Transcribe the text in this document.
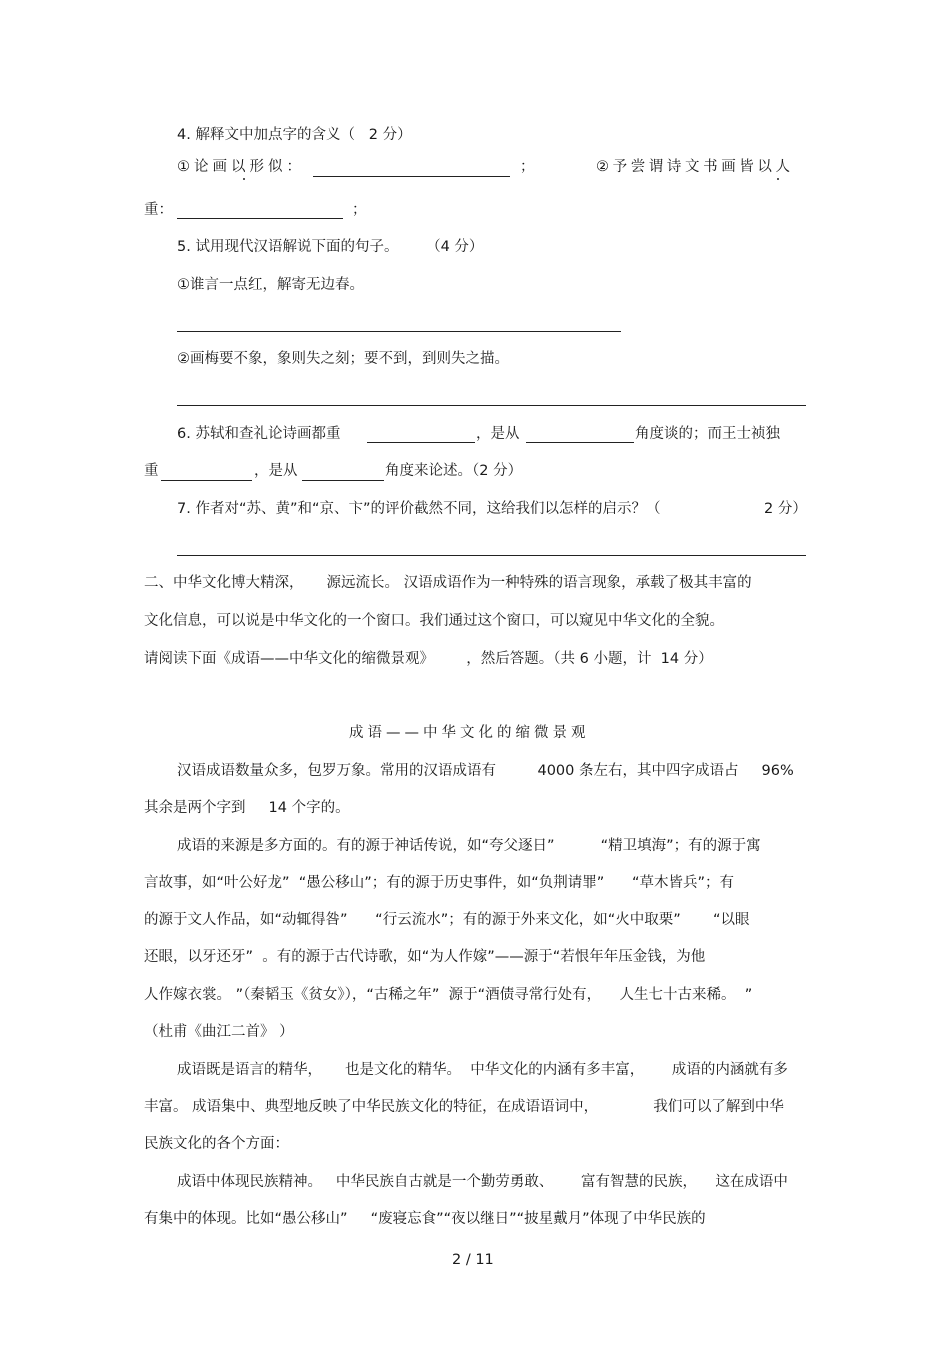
4. 解释文中加点字的含义（   2 分）
①论画以形似：	；	②予尝谓诗文书画皆以人
重：	；
5. 试用现代汉语解说下面的句子。      （4 分）
①谁言一点红，解寄无边春。
②画梅要不象，象则失之刻；要不到，到则失之描。
6. 苏轼和查礼论诗画都重	，是从	角度谈的；而王士祯独
重	，是从	角度来论述。（2 分）
7. 作者对“苏、黄”和“京、卞”的评价截然不同，这给我们以怎样的启示？（	2 分）
二、中华文化博大精深，     源远流长。 汉语成语作为一种特殊的语言现象，承载了极其丰富的
文化信息，可以说是中华文化的一个窗口。我们通过这个窗口，可以窥见中华文化的全貌。
请阅读下面《成语——中华文化的缩微景观》       ，然后答题。（共 6 小题，计  14 分）
成语——中华文化的缩微景观
汉语成语数量众多，包罗万象。常用的汉语成语有         4000 条左右，其中四字成语占     96%
其余是两个字到     14 个字的。
成语的来源是多方面的。有的源于神话传说，如“夸父逐日”          “精卫填海”；有的源于寓
言故事，如“叶公好龙”  “愚公移山”；有的源于历史事件，如“负荆请罪”      “草木皆兵”；有
的源于文人作品，如“动辄得咎”      “行云流水”；有的源于外来文化，如“火中取栗”       “以眼
还眼，以牙还牙”  。有的源于古代诗歌，如“为人作嫁”——源于“若恨年年压金钱，为他
人作嫁衣裳。 ”（秦韬玉《贫女》），“古稀之年”  源于“酒债寻常行处有，    人生七十古来稀。  ”
（杜甫《曲江二首》 ）
成语既是语言的精华，     也是文化的精华。  中华文化的内涵有多丰富，      成语的内涵就有多
丰富。 成语集中、典型地反映了中华民族文化的特征，在成语语词中，            我们可以了解到中华
民族文化的各个方面：
成语中体现民族精神。   中华民族自古就是一个勤劳勇敢、      富有智慧的民族，    这在成语中
有集中的体现。比如“愚公移山”     “废寝忘食”“夜以继日”“披星戴月”体现了中华民族的
2 / 11
